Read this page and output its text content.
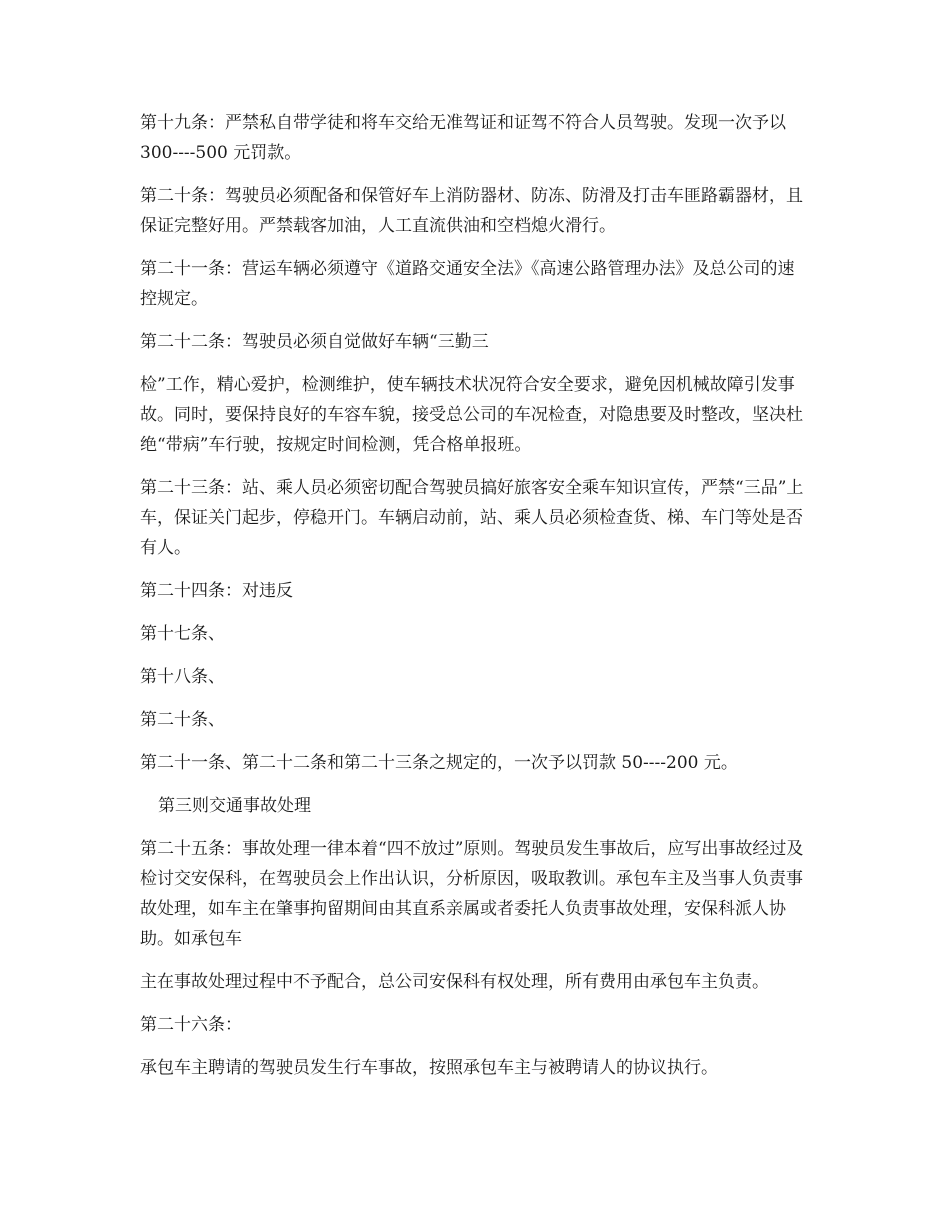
第十九条：严禁私自带学徒和将车交给无准驾证和证驾不符合人员驾驶。发现一次予以
300----500 元罚款。
第二十条：驾驶员必须配备和保管好车上消防器材、防冻、防滑及打击车匪路霸器材，且
保证完整好用。严禁载客加油，人工直流供油和空档熄火滑行。
第二十一条：营运车辆必须遵守《道路交通安全法》《高速公路管理办法》及总公司的速
控规定。
第二十二条：驾驶员必须自觉做好车辆“三勤三
检”工作，精心爱护，检测维护，使车辆技术状况符合安全要求，避免因机械故障引发事
故。同时，要保持良好的车容车貌，接受总公司的车况检查，对隐患要及时整改，坚决杜
绝“带病”车行驶，按规定时间检测，凭合格单报班。
第二十三条：站、乘人员必须密切配合驾驶员搞好旅客安全乘车知识宣传，严禁“三品”上
车，保证关门起步，停稳开门。车辆启动前，站、乘人员必须检查货、梯、车门等处是否
有人。
第二十四条：对违反
第十七条、
第十八条、
第二十条、
第二十一条、第二十二条和第二十三条之规定的，一次予以罚款 50----200 元。
第三则交通事故处理
第二十五条：事故处理一律本着“四不放过”原则。驾驶员发生事故后，应写出事故经过及
检讨交安保科，在驾驶员会上作出认识，分析原因，吸取教训。承包车主及当事人负责事
故处理，如车主在肇事拘留期间由其直系亲属或者委托人负责事故处理，安保科派人协
助。如承包车
主在事故处理过程中不予配合，总公司安保科有权处理，所有费用由承包车主负责。
第二十六条：
承包车主聘请的驾驶员发生行车事故，按照承包车主与被聘请人的协议执行。
